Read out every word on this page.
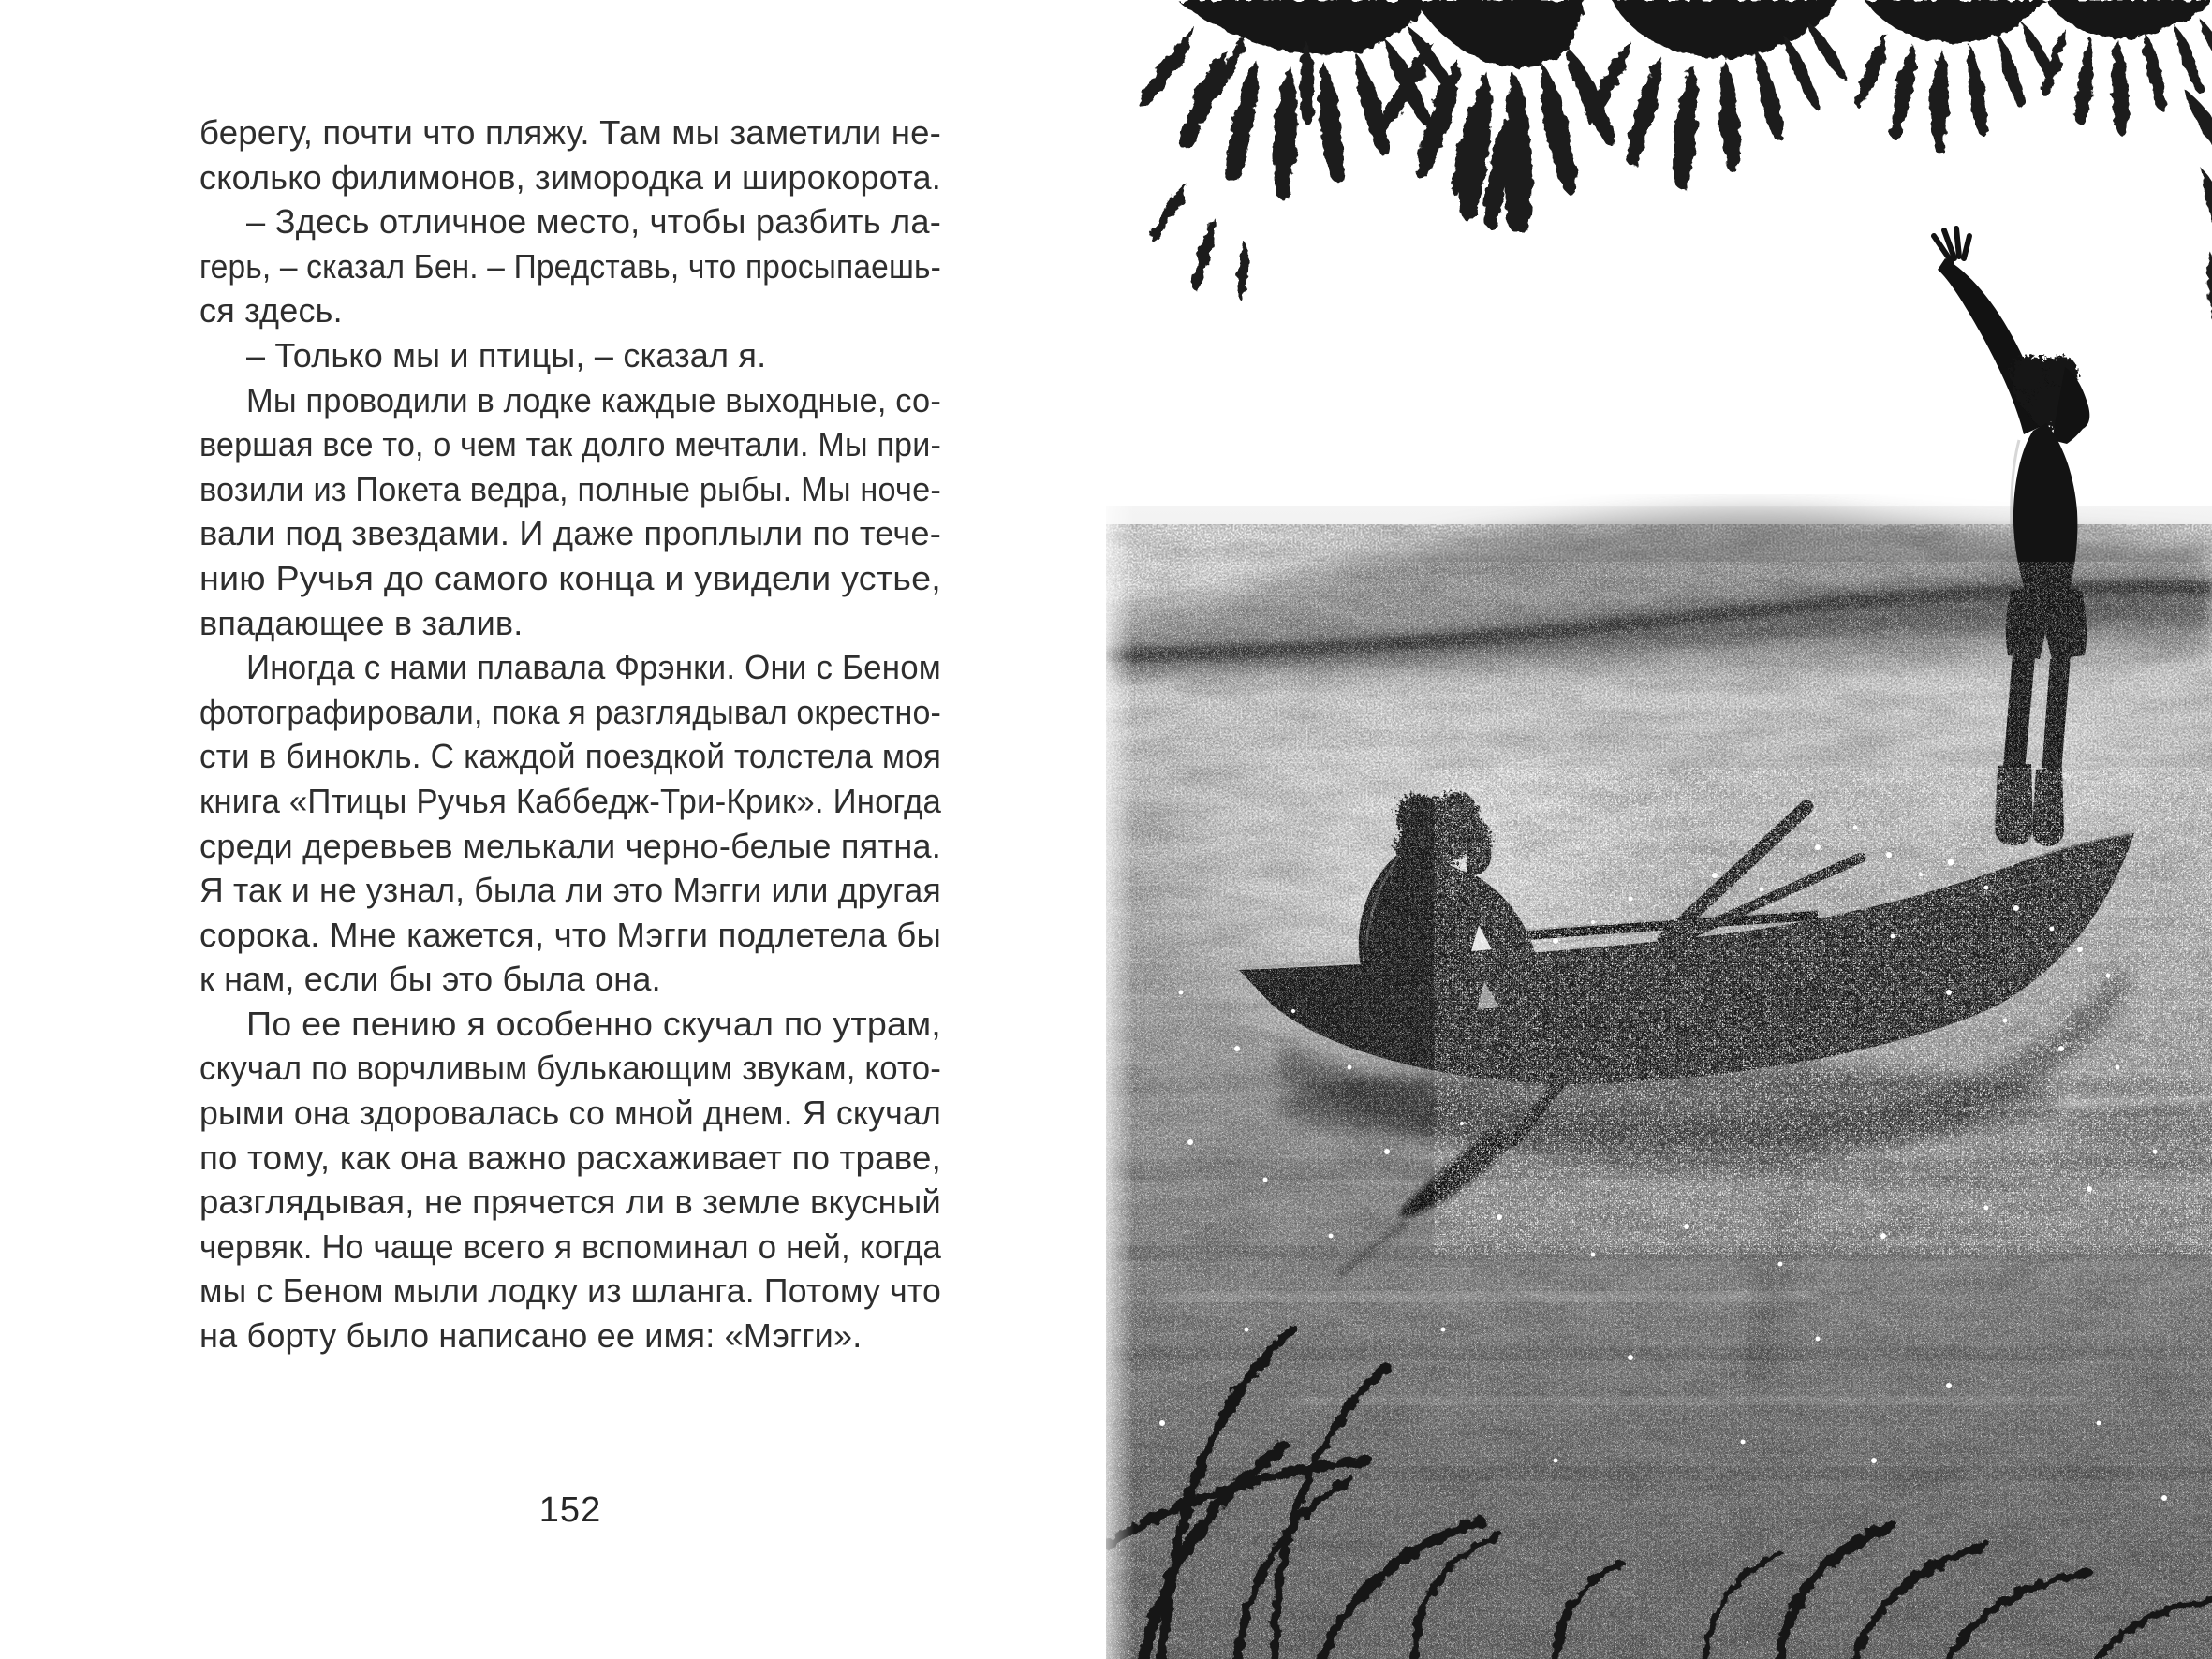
берегу, почти что пляжу. Там мы заметили не-
сколько филимонов, зимородка и широкорота.
– Здесь отличное место, чтобы разбить ла-
герь, – сказал Бен. – Представь, что просыпаешь-
ся здесь.
– Только мы и птицы, – сказал я.
Мы проводили в лодке каждые выходные, со-
вершая все то, о чем так долго мечтали. Мы при-
возили из Покета ведра, полные рыбы. Мы ноче-
вали под звездами. И даже проплыли по тече-
нию Ручья до самого конца и увидели устье,
впадающее в залив.
Иногда с нами плавала Фрэнки. Они с Беном
фотографировали, пока я разглядывал окрестно-
сти в бинокль. С каждой поездкой толстела моя
книга «Птицы Ручья Каббедж-Три-Крик». Иногда
среди деревьев мелькали черно-белые пятна.
Я так и не узнал, была ли это Мэгги или другая
сорока. Мне кажется, что Мэгги подлетела бы
к нам, если бы это была она.
По ее пению я особенно скучал по утрам,
скучал по ворчливым булькающим звукам, кото-
рыми она здоровалась со мной днем. Я скучал
по тому, как она важно расхаживает по траве,
разглядывая, не прячется ли в земле вкусный
червяк. Но чаще всего я вспоминал о ней, когда
мы с Беном мыли лодку из шланга. Потому что
на борту было написано ее имя: «Мэгги».
152
